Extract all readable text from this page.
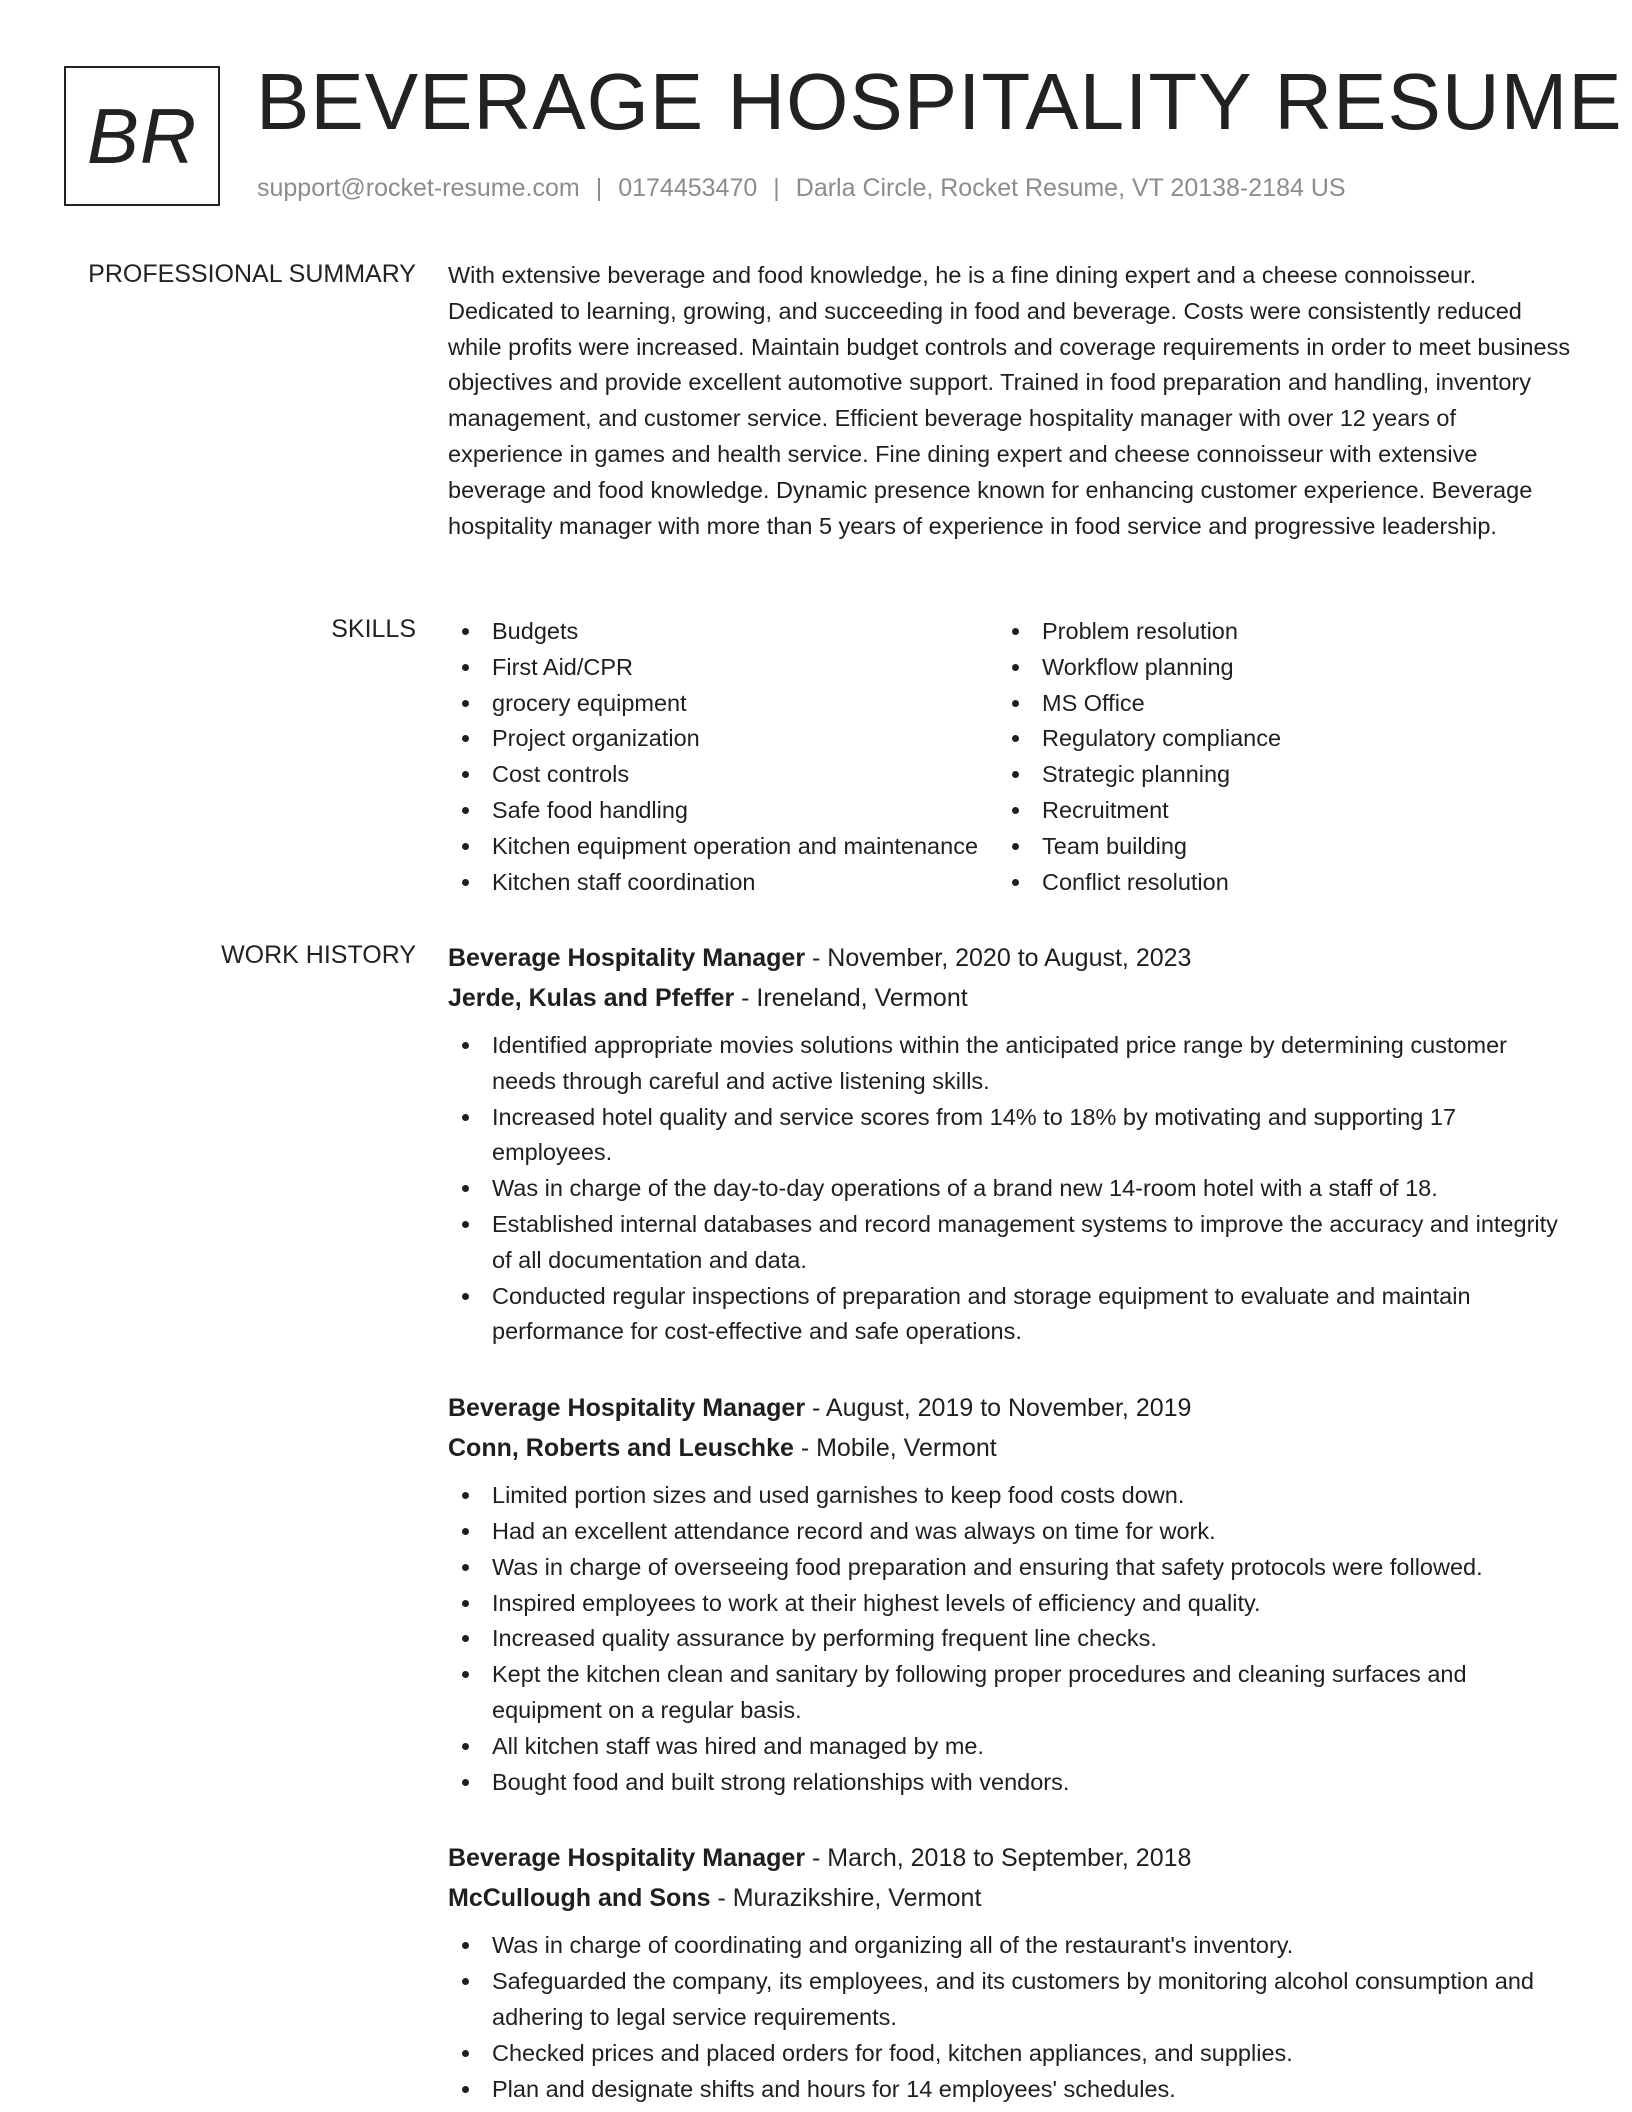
BR BEVERAGE HOSPITALITY RESUME
support@rocket-resume.com | 0174453470 | Darla Circle, Rocket Resume, VT 20138-2184 US
PROFESSIONAL SUMMARY With extensive beverage and food knowledge, he is a fine dining expert and a cheese connoisseur. Dedicated to learning, growing, and succeeding in food and beverage. Costs were consistently reduced while profits were increased. Maintain budget controls and coverage requirements in order to meet business objectives and provide excellent automotive support. Trained in food preparation and handling, inventory management, and customer service. Efficient beverage hospitality manager with over 12 years of experience in games and health service. Fine dining expert and cheese connoisseur with extensive beverage and food knowledge. Dynamic presence known for enhancing customer experience. Beverage hospitality manager with more than 5 years of experience in food service and progressive leadership.
SKILLS	Budgets
First Aid/CPR
grocery equipment
Project organization
Cost controls
Safe food handling
Kitchen equipment operation and maintenance
Kitchen staff coordination
Problem resolution
Workflow planning
MS Office
Regulatory compliance
Strategic planning
Recruitment
Team building
Conflict resolution
WORK HISTORY Beverage Hospitality Manager - November, 2020 to August, 2023
Jerde, Kulas and Pfeffer - Ireneland, Vermont
Identified appropriate movies solutions within the anticipated price range by determining customer needs through careful and active listening skills.
Increased hotel quality and service scores from 14% to 18% by motivating and supporting 17 employees.
Was in charge of the day-to-day operations of a brand new 14-room hotel with a staff of 18.
Established internal databases and record management systems to improve the accuracy and integrity of all documentation and data.
Conducted regular inspections of preparation and storage equipment to evaluate and maintain performance for cost-effective and safe operations.
Beverage Hospitality Manager - August, 2019 to November, 2019
Conn, Roberts and Leuschke - Mobile, Vermont
Limited portion sizes and used garnishes to keep food costs down.
Had an excellent attendance record and was always on time for work.
Was in charge of overseeing food preparation and ensuring that safety protocols were followed.
Inspired employees to work at their highest levels of efficiency and quality.
Increased quality assurance by performing frequent line checks.
Kept the kitchen clean and sanitary by following proper procedures and cleaning surfaces and equipment on a regular basis.
All kitchen staff was hired and managed by me.
Bought food and built strong relationships with vendors.
Beverage Hospitality Manager - March, 2018 to September, 2018
McCullough and Sons - Murazikshire, Vermont
Was in charge of coordinating and organizing all of the restaurant's inventory.
Safeguarded the company, its employees, and its customers by monitoring alcohol consumption and adhering to legal service requirements.
Checked prices and placed orders for food, kitchen appliances, and supplies.
Plan and designate shifts and hours for 14 employees' schedules.
